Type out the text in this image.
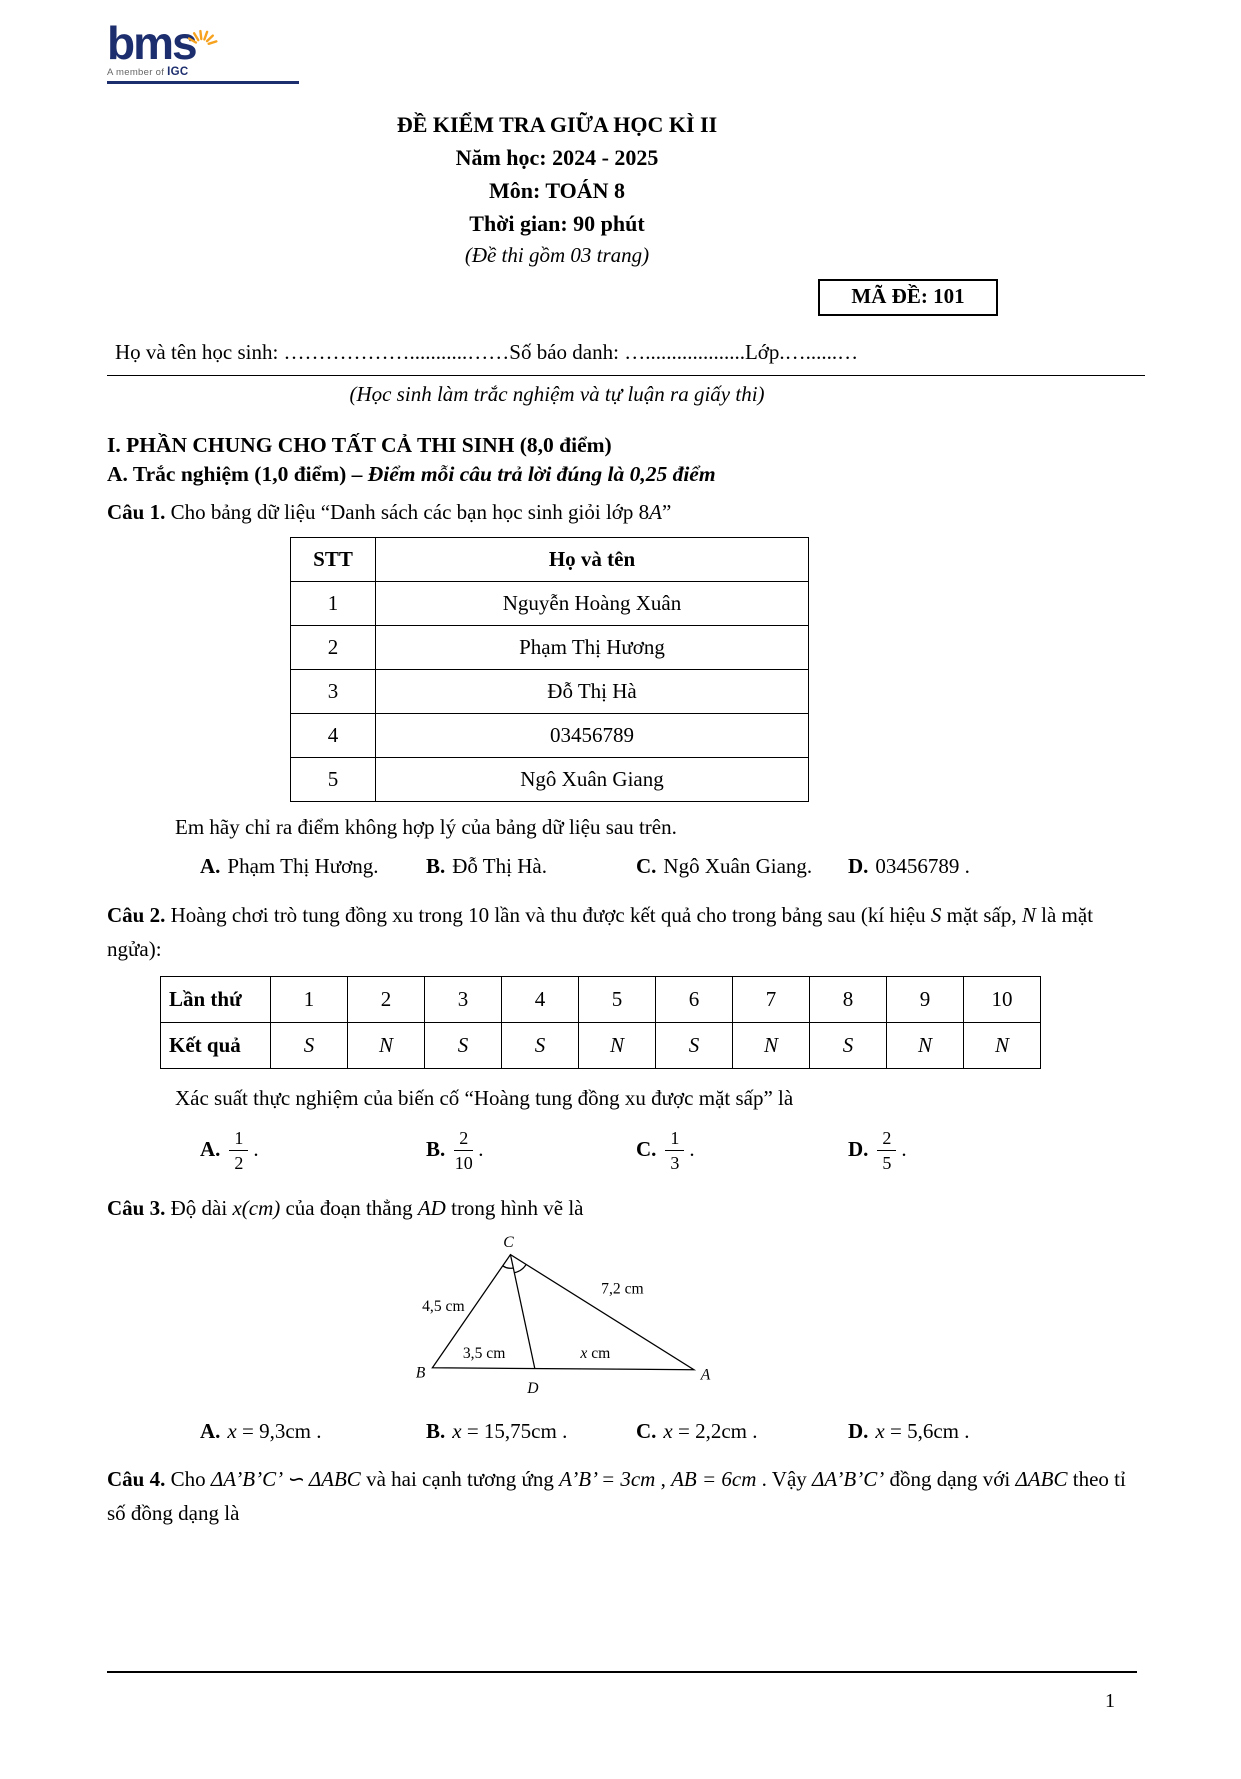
bms
A member of IGC
ĐỀ KIỂM TRA GIỮA HỌC KÌ II
Năm học: 2024 - 2025
Môn: TOÁN 8
Thời gian: 90 phút
(Đề thi gồm 03 trang)
MÃ ĐỀ: 101
Họ và tên học sinh: ………………...........……Số báo danh: …...................Lớp.…......…
(Học sinh làm trắc nghiệm và tự luận ra giấy thi)
I. PHẦN CHUNG CHO TẤT CẢ THI SINH (8,0 điểm)
A. Trắc nghiệm (1,0 điểm) – Điểm mỗi câu trả lời đúng là 0,25 điểm

Câu 1. Cho bảng dữ liệu “Danh sách các bạn học sinh giỏi lớp 8A”

STT	Họ và tên
1	Nguyễn Hoàng Xuân
2	Phạm Thị Hương
3	Đỗ Thị Hà
4	03456789
5	Ngô Xuân Giang

Em hãy chỉ ra điểm không hợp lý của bảng dữ liệu sau trên.

A. Phạm Thị Hương.	B. Đỗ Thị Hà.	C. Ngô Xuân Giang.	D. 03456789 .

Câu 2. Hoàng chơi trò tung đồng xu trong 10 lần và thu được kết quả cho trong bảng sau (kí hiệu S mặt sấp, N là mặt ngửa):

Lần thứ	1	2	3	4	5	6	7	8	9	10
Kết quả	S	N	S	S	N	S	N	S	N	N

Xác suất thực nghiệm của biến cố “Hoàng tung đồng xu được mặt sấp” là

A. $\frac{1}{2}$ .	B. $\frac{2}{10}$ .	C. $\frac{1}{3}$ .	D. $\frac{2}{5}$ .

Câu 3. Độ dài x(cm) của đoạn thẳng AD trong hình vẽ là

C
B
D
A
4,5 cm
7,2 cm
3,5 cm	x cm
A. x = 9,3cm .	B. x = 15,75cm .	C. x = 2,2cm .	D. x = 5,6cm .

Câu 4. Cho ΔA’B’C’ ∽ ΔABC và hai cạnh tương ứng A’B’ = 3cm , AB = 6cm . Vậy ΔA’B’C’ đồng dạng với ΔABC theo tỉ số đồng dạng là

1
